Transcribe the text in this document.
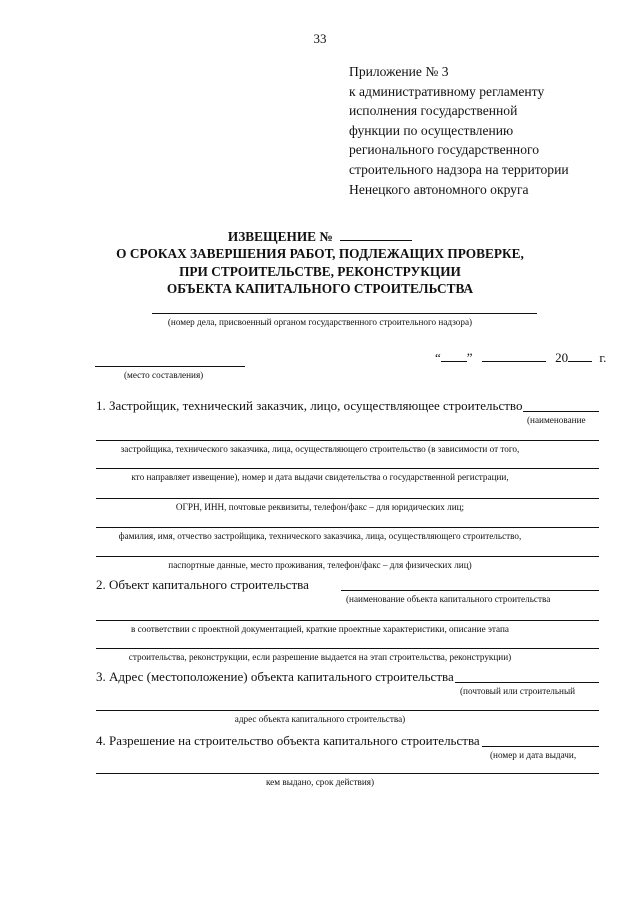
33
Приложение № 3
к административному регламенту
исполнения государственной
функции по осуществлению
регионального государственного
строительного надзора на территории
Ненецкого автономного округа
ИЗВЕЩЕНИЕ №
О СРОКАХ ЗАВЕРШЕНИЯ РАБОТ, ПОДЛЕЖАЩИХ ПРОВЕРКЕ,
ПРИ СТРОИТЕЛЬСТВЕ, РЕКОНСТРУКЦИИ
ОБЪЕКТА КАПИТАЛЬНОГО СТРОИТЕЛЬСТВА
(номер дела, присвоенный органом государственного строительного надзора)
(место составления)
“ ”	20 г.
1. Застройщик, технический заказчик, лицо, осуществляющее строительство
(наименование
застройщика, технического заказчика, лица, осуществляющего строительство (в зависимости от того,
кто направляет извещение), номер и дата выдачи свидетельства о государственной регистрации,
ОГРН, ИНН, почтовые реквизиты, телефон/факс – для юридических лиц;
фамилия, имя, отчество застройщика, технического заказчика, лица, осуществляющего строительство,
паспортные данные, место проживания, телефон/факс – для физических лиц)
2. Объект капитального строительства
(наименование объекта капитального строительства
в соответствии с проектной документацией, краткие проектные характеристики, описание этапа
строительства, реконструкции, если разрешение выдается на этап строительства, реконструкции)
3. Адрес (местоположение) объекта капитального строительства
(почтовый или строительный
адрес объекта капитального строительства)
4. Разрешение на строительство объекта капитального строительства
(номер и дата выдачи,
кем выдано, срок действия)
